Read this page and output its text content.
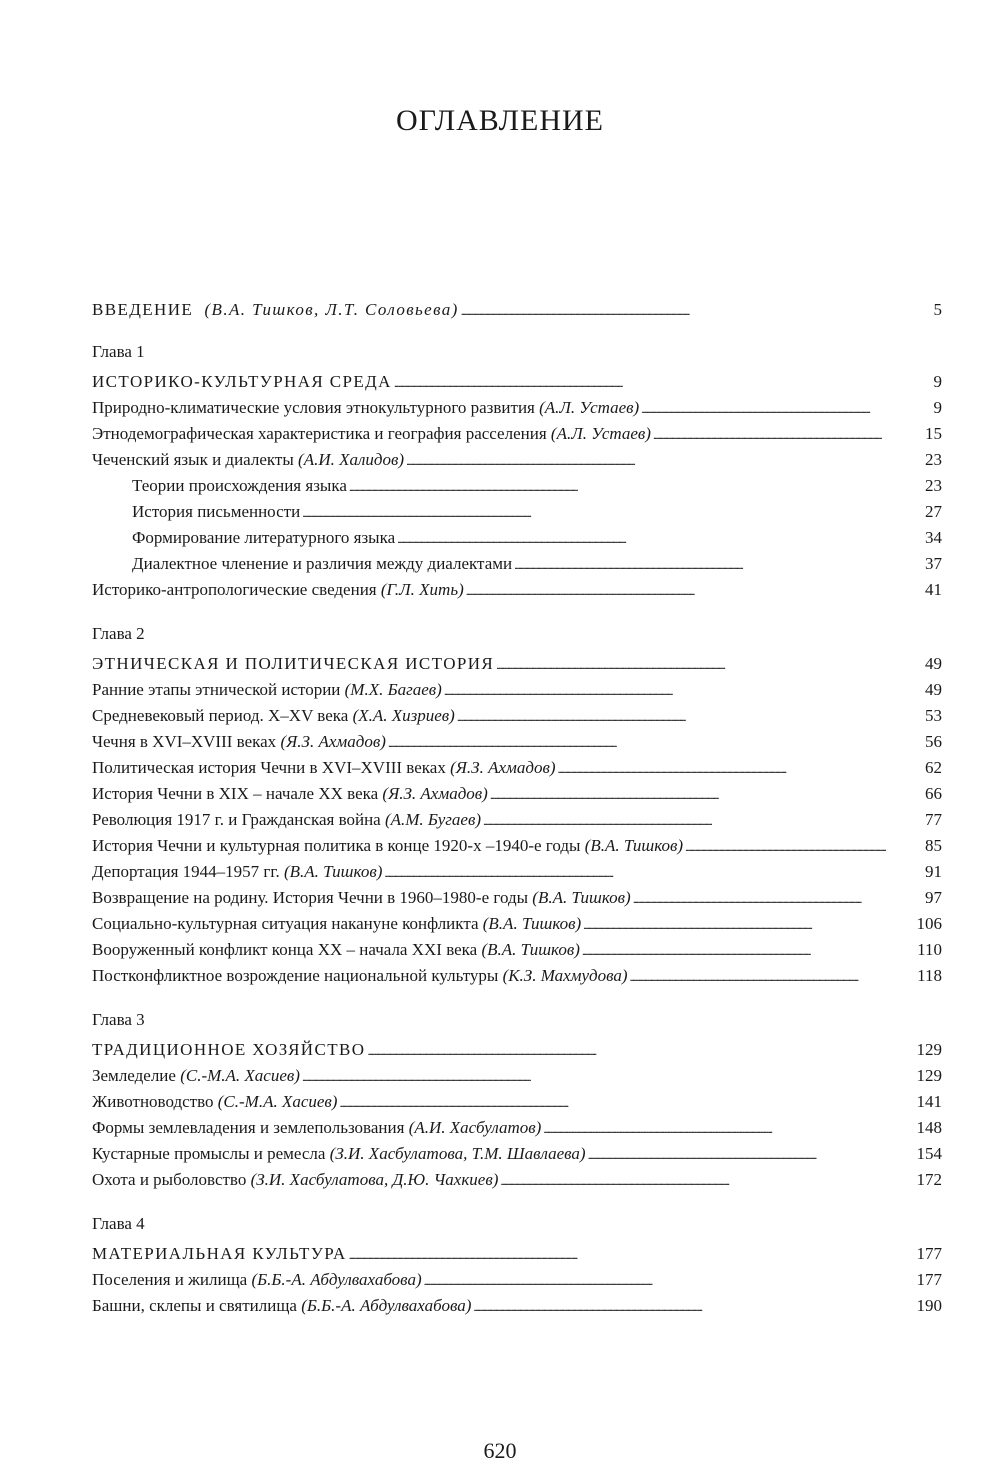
ОГЛАВЛЕНИЕ
ВВЕДЕНИЕ (В.А. Тишков, Л.Т. Соловьева) . . .	5
Глава 1
ИСТОРИКО-КУЛЬТУРНАЯ СРЕДА . . .	9
Природно-климатические условия этнокультурного развития (А.Л. Устаев) . . .	9
Этнодемографическая характеристика и география расселения (А.Л. Устаев) . . .	15
Чеченский язык и диалекты (А.И. Халидов) . . .	23
Теории происхождения языка . . .	23
История письменности . . .	27
Формирование литературного языка . . .	34
Диалектное членение и различия между диалектами . . .	37
Историко-антропологические сведения (Г.Л. Хить) . . .	41
Глава 2
ЭТНИЧЕСКАЯ И ПОЛИТИЧЕСКАЯ ИСТОРИЯ . . .	49
Ранние этапы этнической истории (М.Х. Багаев) . . .	49
Средневековый период. X–XV века (Х.А. Хизриев) . . .	53
Чечня в XVI–XVIII веках (Я.З. Ахмадов) . . .	56
Политическая история Чечни в XVI–XVIII веках (Я.З. Ахмадов) . . .	62
История Чечни в XIX – начале XX века (Я.З. Ахмадов) . . .	66
Революция 1917 г. и Гражданская война (А.М. Бугаев) . . .	77
История Чечни и культурная политика в конце 1920-х –1940-е годы (В.А. Тишков) . . .	85
Депортация 1944–1957 гг. (В.А. Тишков) . . .	91
Возвращение на родину. История Чечни в 1960–1980-е годы (В.А. Тишков) . . .	97
Социально-культурная ситуация накануне конфликта (В.А. Тишков) . . .	106
Вооруженный конфликт конца XX – начала XXI века (В.А. Тишков) . . .	110
Постконфликтное возрождение национальной культуры (К.З. Махмудова) . . .	118
Глава 3
ТРАДИЦИОННОЕ ХОЗЯЙСТВО . . .	129
Земледелие (С.-М.А. Хасиев) . . .	129
Животноводство (С.-М.А. Хасиев) . . .	141
Формы землевладения и землепользования (А.И. Хасбулатов) . . .	148
Кустарные промыслы и ремесла (З.И. Хасбулатова, Т.М. Шавлаева) . . .	154
Охота и рыболовство (З.И. Хасбулатова, Д.Ю. Чахкиев) . . .	172
Глава 4
МАТЕРИАЛЬНАЯ КУЛЬТУРА . . .	177
Поселения и жилища (Б.Б.-А. Абдулвахабова) . . .	177
Башни, склепы и святилища (Б.Б.-А. Абдулвахабова) . . .	190
620
